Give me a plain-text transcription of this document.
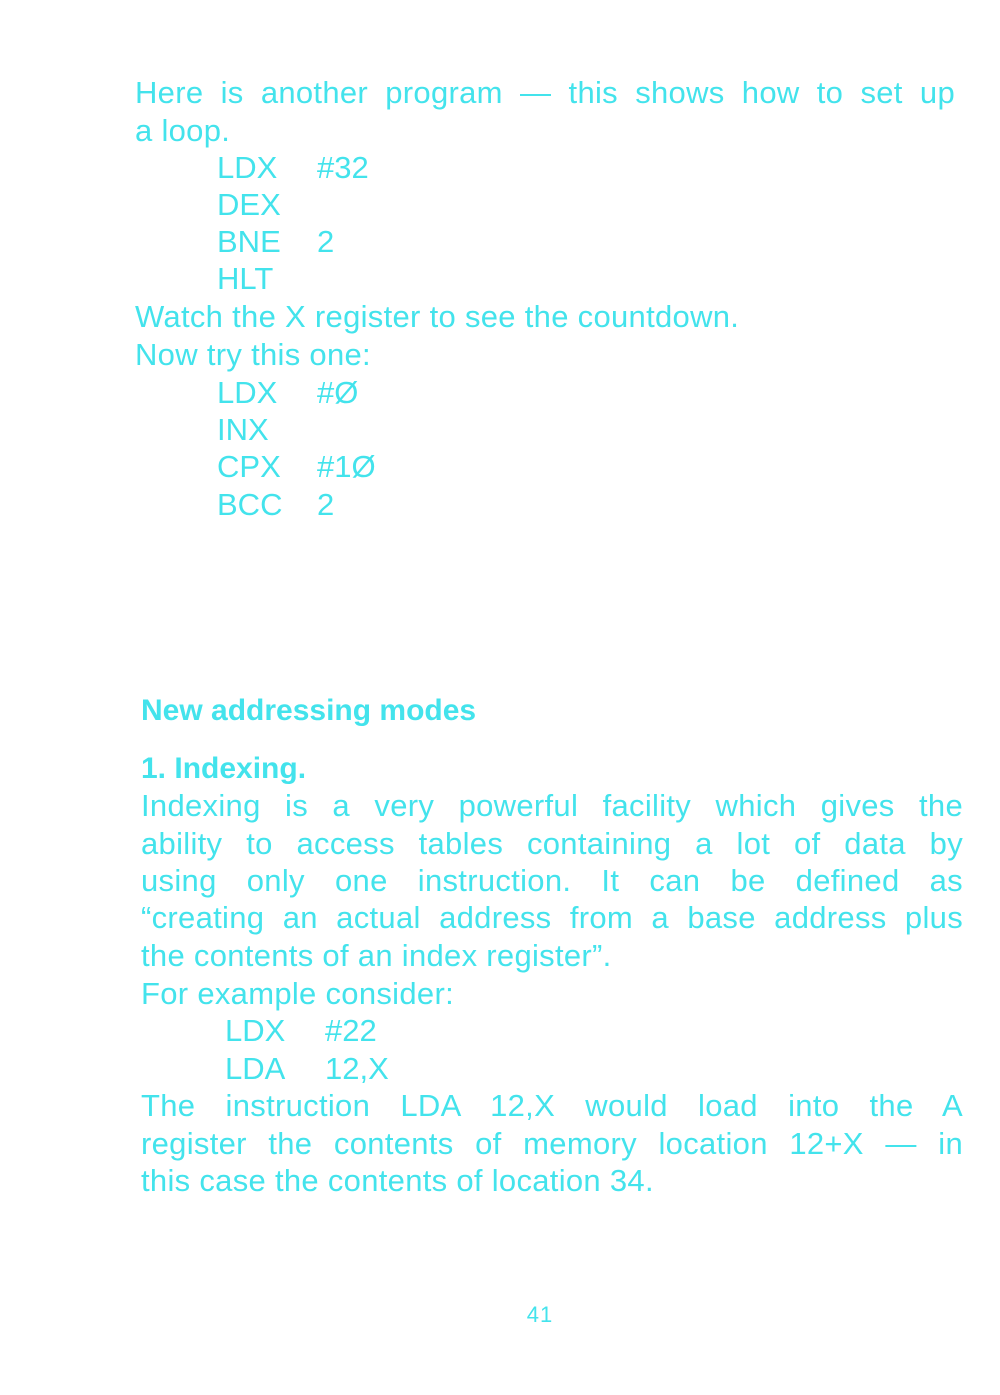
Here is another program — this shows how to set up
a loop.
LDX #32
DEX
BNE 2
HLT
Watch the X register to see the countdown.
Now try this one:
LDX #Ø
INX
CPX #1Ø
BCC 2
New addressing modes
1. Indexing.
Indexing is a very powerful facility which gives the
ability to access tables containing a lot of data by
using only one instruction. It can be defined as
“creating an actual address from a base address plus
the contents of an index register”.
For example consider:
LDX #22
LDA 12,X
The instruction LDA 12,X would load into the A
register the contents of memory location 12+X — in
this case the contents of location 34.
41
